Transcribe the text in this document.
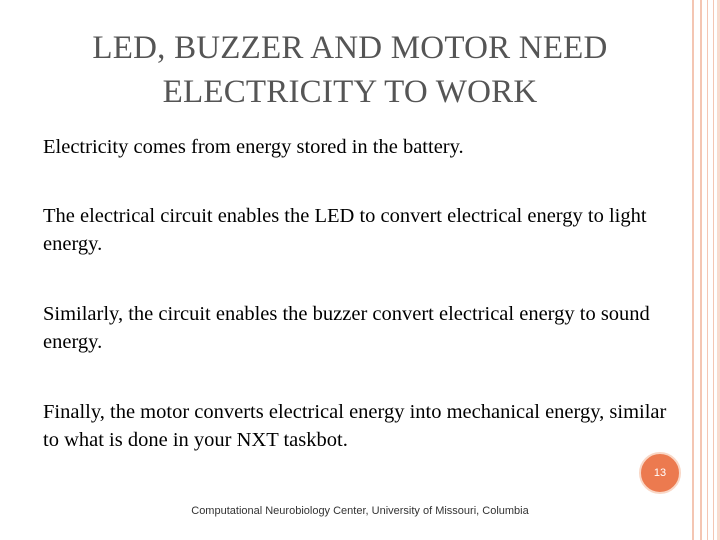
LED, BUZZER AND MOTOR NEED
ELECTRICITY TO WORK
Electricity comes from energy stored in the battery.
The electrical circuit enables the LED to convert electrical energy to light energy.
Similarly, the circuit enables the buzzer convert electrical energy to sound energy.
Finally, the motor converts electrical energy into mechanical energy, similar to what is done in your NXT taskbot.
13
Computational Neurobiology Center, University of Missouri, Columbia
